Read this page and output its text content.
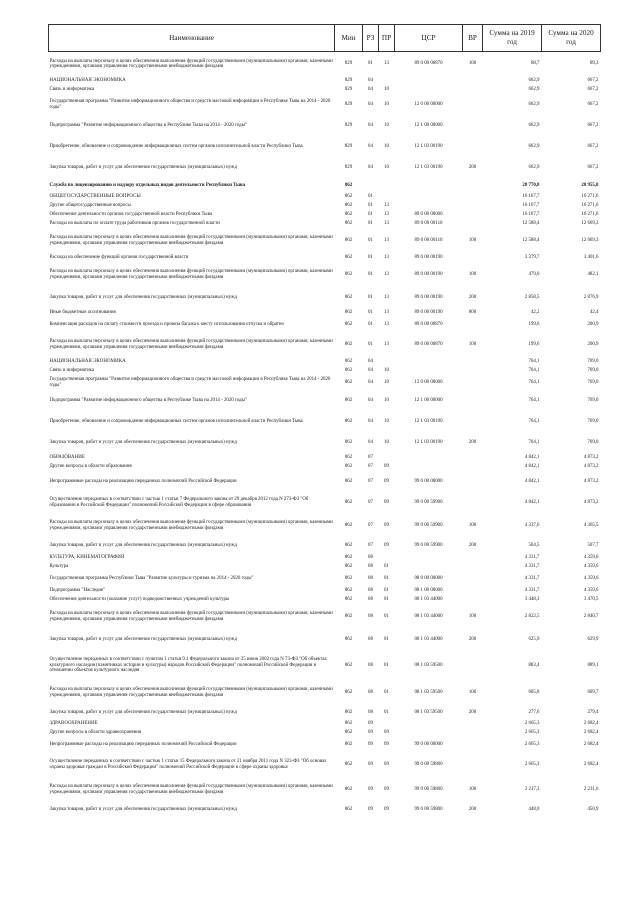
Наименование	Мин	РЗ	ПР	ЦСР	ВР	Сумма на 2019 год	Сумма на 2020 год
Расходы на выплаты персоналу в целях обеспечения выполнения функций государственными (муниципальными) органами, казенными учреждениями, органами управления государственными внебюджетными фондами	829	01	13	89 0 00 00870	100	88,7	89,3
НАЦИОНАЛЬНАЯ ЭКОНОМИКА	829	04				662,9	667,2
Связь и информатика	829	04	10			662,9	667,2
Государственная программа "Развитие информационного общества и средств массовой информации в Республике Тыва на 2014 - 2020 годы"	829	04	10	12 0 00 00000		662,9	667,2
Подпрограмма "Развитие информационного общества в Республике Тыва на 2014 - 2020 годы"	829	04	10	12 1 00 00000		662,9	667,2
Приобретение, обновление и сопровождение информационных систем органов исполнительной власти Республики Тыва	829	04	10	12 1 03 00190		662,9	667,2
Закупка товаров, работ и услуг для обеспечения государственных (муниципальных) нужд	829	04	10	12 1 03 00190	200	662,9	667,2
Служба по лицензированию и надзору отдельных видов деятельности Республики Тыва	862					28 770,8	28 955,8
ОБЩЕГОСУДАРСТВЕННЫЕ ВОПРОСЫ	862	01				16 167,7	16 271,6
Другие общегосударственные вопросы	862	01	13			16 167,7	16 271,6
Обеспечение деятельности органов государственной власти Республики Тыва	862	01	13	89 0 00 00000		16 167,7	16 271,6
Расходы на выплаты по оплате труда работников органов государственной власти	862	01	13	89 0 00 00110		12 588,4	12 669,3
Расходы на выплаты персоналу в целях обеспечения выполнения функций государственными (муниципальными) органами, казенными учреждениями, органами управления государственными внебюджетными фондами	862	01	13	89 0 00 00110	100	12 588,4	12 669,3
Расходы на обеспечение функций органов государственной власти	862	01	13	89 0 00 00190		3 379,7	3 401,6
Расходы на выплаты персоналу в целях обеспечения выполнения функций государственными (муниципальными) органами, казенными учреждениями, органами управления государственными внебюджетными фондами	862	01	13	89 0 00 00190	100	479,0	482,1
Закупка товаров, работ и услуг для обеспечения государственных (муниципальных) нужд	862	01	13	89 0 00 00190	200	2 858,5	2 876,9
Иные бюджетные ассигнования	862	01	13	89 0 00 00190	800	42,2	42,4
Компенсация расходов на оплату стоимости проезда и провоза багажа к месту использования отпуска и обратно	862	01	13	89 0 00 00870		199,6	200,9
Расходы на выплаты персоналу в целях обеспечения выполнения функций государственными (муниципальными) органами, казенными учреждениями, органами управления государственными внебюджетными фондами	862	01	13	89 0 00 00870	100	199,6	200,9
НАЦИОНАЛЬНАЯ ЭКОНОМИКА	862	04				764,1	769,0
Связь и информатика	862	04	10			764,1	769,0
Государственная программа "Развитие информационного общества и средств массовой информации в Республике Тыва на 2014 - 2020 годы"	862	04	10	12 0 00 00000		764,1	769,0
Подпрограмма "Развитие информационного общества в Республике Тыва на 2014 - 2020 годы"	862	04	10	12 1 00 00000		764,1	769,0
Приобретение, обновление и сопровождение информационных систем органов исполнительной власти Республики Тыва	862	04	10	12 1 03 00190		764,1	769,0
Закупка товаров, работ и услуг для обеспечения государственных (муниципальных) нужд	862	04	10	12 1 03 00190	200	764,1	769,0
ОБРАЗОВАНИЕ	862	07				4 842,1	4 873,2
Другие вопросы в области образования	862	07	09			4 842,1	4 873,2
Непрограммные расходы на реализацию переданных полномочий Российской Федерации	862	07	09	99 0 00 00000		4 842,1	4 873,2
Осуществление переданных в соответствии с частью 1 статьи 7 Федерального закона от 29 декабря 2012 года N 273-ФЗ "Об образовании в Российской Федерации" полномочий Российской Федерации в сфере образования	862	07	09	99 0 00 59900		4 842,1	4 873,2
Расходы на выплаты персоналу в целях обеспечения выполнения функций государственными (муниципальными) органами, казенными учреждениями, органами управления государственными внебюджетными фондами	862	07	09	99 0 00 59900	100	4 337,6	4 365,5
Закупка товаров, работ и услуг для обеспечения государственных (муниципальных) нужд	862	07	09	99 0 00 59900	200	504,5	507,7
КУЛЬТУРА, КИНЕМАТОГРАФИЯ	862	08				4 331,7	4 359,6
Культура	862	08	01			4 331,7	4 359,6
Государственная программа Республики Тыва "Развитие культуры и туризма на 2014 - 2020 годы"	862	08	01	08 0 00 00000		4 331,7	4 359,6
Подпрограмма "Наследие"	862	08	01	08 1 00 00000		4 331,7	4 359,6
Обеспечение деятельности (оказание услуг) подведомственных учреждений культуры	862	08	01	08 1 03 44000		3 448,3	3 470,5
Расходы на выплаты персоналу в целях обеспечения выполнения функций государственными (муниципальными) органами, казенными учреждениями, органами управления государственными внебюджетными фондами	862	08	01	08 1 03 44000	100	2 822,5	2 840,7
Закупка товаров, работ и услуг для обеспечения государственных (муниципальных) нужд	862	08	01	08 1 03 44000	200	625,9	629,9
Осуществление переданных в соответствии с пунктом 1 статьи 9.1 Федерального закона от 25 июня 2002 года N 73-ФЗ "Об объектах культурного наследия (памятниках истории и культуры) народов Российской Федерации" полномочий Российской Федерации в отношении объектов культурного наследия	862	08	01	08 1 03 59500		883,4	889,1
Расходы на выплаты персоналу в целях обеспечения выполнения функций государственными (муниципальными) органами, казенными учреждениями, органами управления государственными внебюджетными фондами	862	08	01	08 1 03 59500	100	605,8	609,7
Закупка товаров, работ и услуг для обеспечения государственных (муниципальных) нужд	862	08	01	08 1 03 59500	200	277,6	279,4
ЗДРАВООХРАНЕНИЕ	862	09				2 665,3	2 682,4
Другие вопросы в области здравоохранения	862	09	09			2 665,3	2 682,4
Непрограммные расходы на реализацию переданных полномочий Российской Федерации	862	09	09	99 0 00 00000		2 665,3	2 682,4
Осуществление переданных в соответствии с частью 1 статьи 15 Федерального закона от 21 ноября 2011 года N 323-ФЗ "Об основах охраны здоровья граждан в Российской Федерации" полномочий Российской Федерации в сфере охраны здоровья	862	09	09	99 0 00 59800		2 665,3	2 682,4
Расходы на выплаты персоналу в целях обеспечения выполнения функций государственными (муниципальными) органами, казенными учреждениями, органами управления государственными внебюджетными фондами	862	09	09	99 0 00 59800	100	2 217,3	2 231,6
Закупка товаров, работ и услуг для обеспечения государственных (муниципальных) нужд	862	09	09	99 0 00 59800	200	448,0	450,9
